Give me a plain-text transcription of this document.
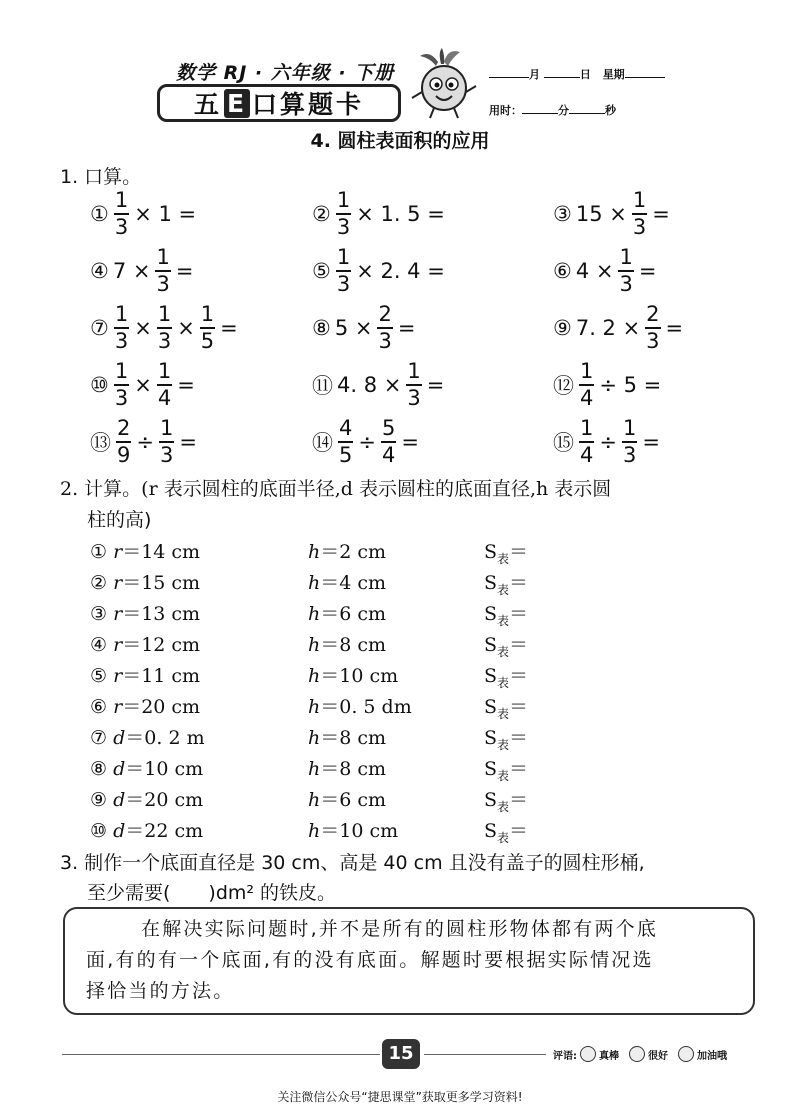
数学 RJ · 六年级 · 下册
五 E 口算题卡
月	日 星期
用时：	分	秒
4. 圆柱表面积的应用
1. 口算。
① $\frac{1}{3} \times 1$ =	② $\frac{1}{3} \times 1$. 5 =	③ $15 \times \frac{1}{3}$ =
④ $7 \times \frac{1}{3}$ =	⑤ $\frac{1}{3} \times 2$. 4 =	⑥ $4 \times \frac{1}{3}$ =
⑦ $\frac{1}{3} \times \frac{1}{3} \times \frac{1}{5}$ =	⑧ $5 \times \frac{2}{3}$ =	⑨ 7. $2 \times \frac{2}{3}$ =
⑩ $\frac{1}{3} \times \frac{1}{4}$ =	⑪ 4. $8 \times \frac{1}{3}$ =	⑫ $\frac{1}{4} \div 5$ =
⑬ $\frac{2}{9} \div \frac{1}{3}$ =	⑭ $\frac{4}{5} \div \frac{5}{4}$ =	⑮ $\frac{1}{4} \div \frac{1}{3}$ =
2. 计算。(r 表示圆柱的底面半径,d 表示圆柱的底面直径,h 表示圆
柱的高)
① r＝14 cm	h＝2 cm	$S_表=$
② r＝15 cm	h＝4 cm	$S_表=$
③ r＝13 cm	h＝6 cm	$S_表=$
④ r＝12 cm	h＝8 cm	$S_表=$
⑤ r＝11 cm	h＝10 cm	$S_表=$
⑥ r＝20 cm	h＝0. 5 dm	$S_表=$
⑦ d＝0. 2 m	h＝8 cm	$S_表=$
⑧ d＝10 cm	h＝8 cm	$S_表=$
⑨ d＝20 cm	h＝6 cm	$S_表=$
⑩ d＝22 cm	h＝10 cm	$S_表=$
3. 制作一个底面直径是 30 cm、高是 40 cm 且没有盖子的圆柱形桶,
至少需要(　　)dm² 的铁皮。
在解决实际问题时,并不是所有的圆柱形物体都有两个底
面,有的有一个底面,有的没有底面。解题时要根据实际情况选
择恰当的方法。
15	评语: 真棒	很好	加油哦
关注微信公众号“捷思课堂”获取更多学习资料!
